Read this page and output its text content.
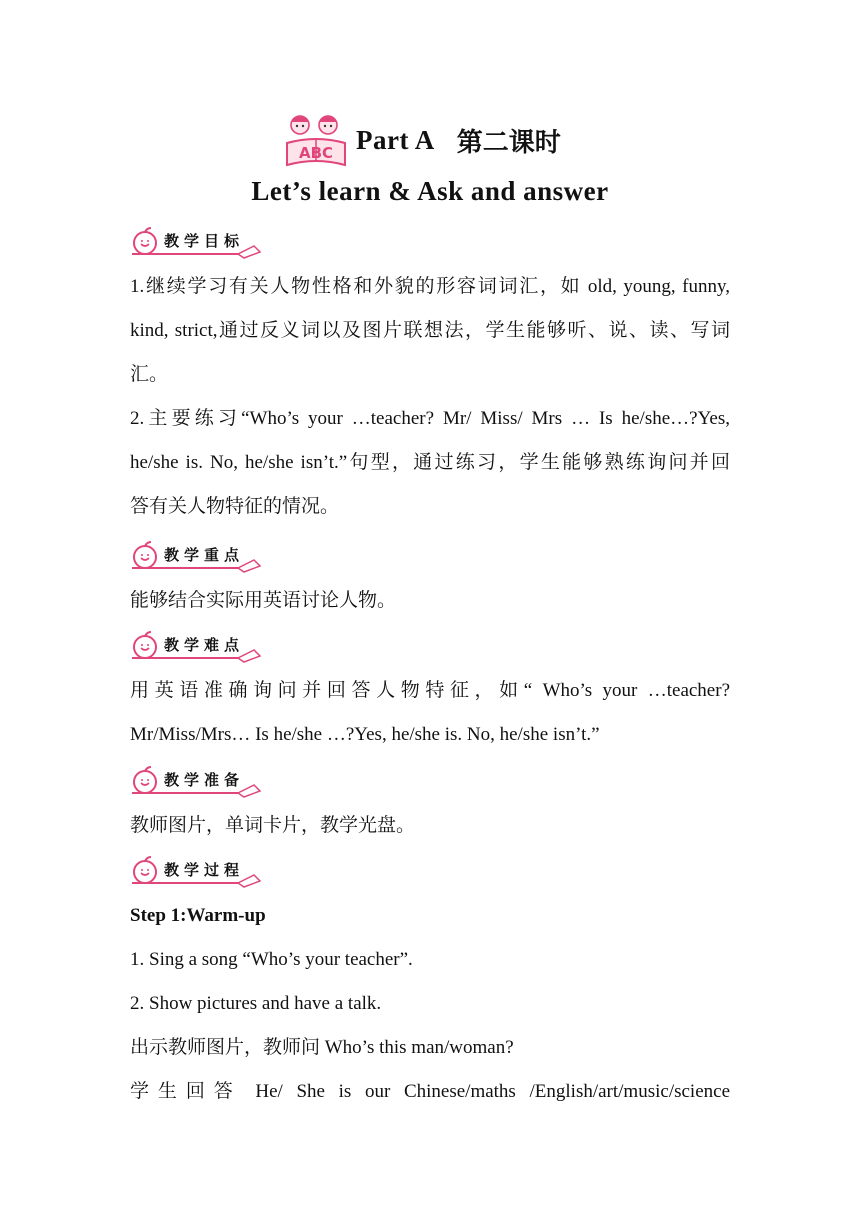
ABC Part A 第二课时
Let’s learn & Ask and answer
教学目标
1.继续学习有关人物性格和外貌的形容词词汇，如 old, young, funny,
kind, strict,通过反义词以及图片联想法，学生能够听、说、读、写词
汇。
2.主要练习“Who’s your …teacher? Mr/ Miss/ Mrs … Is he/she…?Yes,
he/she is. No, he/she isn’t.”句型，通过练习，学生能够熟练询问并回
答有关人物特征的情况。
教学重点
能够结合实际用英语讨论人物。
教学难点
用英语准确询问并回答人物特征，如“ Who’s your …teacher?
Mr/Miss/Mrs… Is he/she …?Yes, he/she is. No, he/she isn’t.”
教学准备
教师图片，单词卡片，教学光盘。
教学过程
Step 1:Warm-up
1. Sing a song “Who’s your teacher”.
2. Show pictures and have a talk.
出示教师图片，教师问 Who’s this man/woman?
学生回答 He/ She is our Chinese/maths /English/art/music/science
